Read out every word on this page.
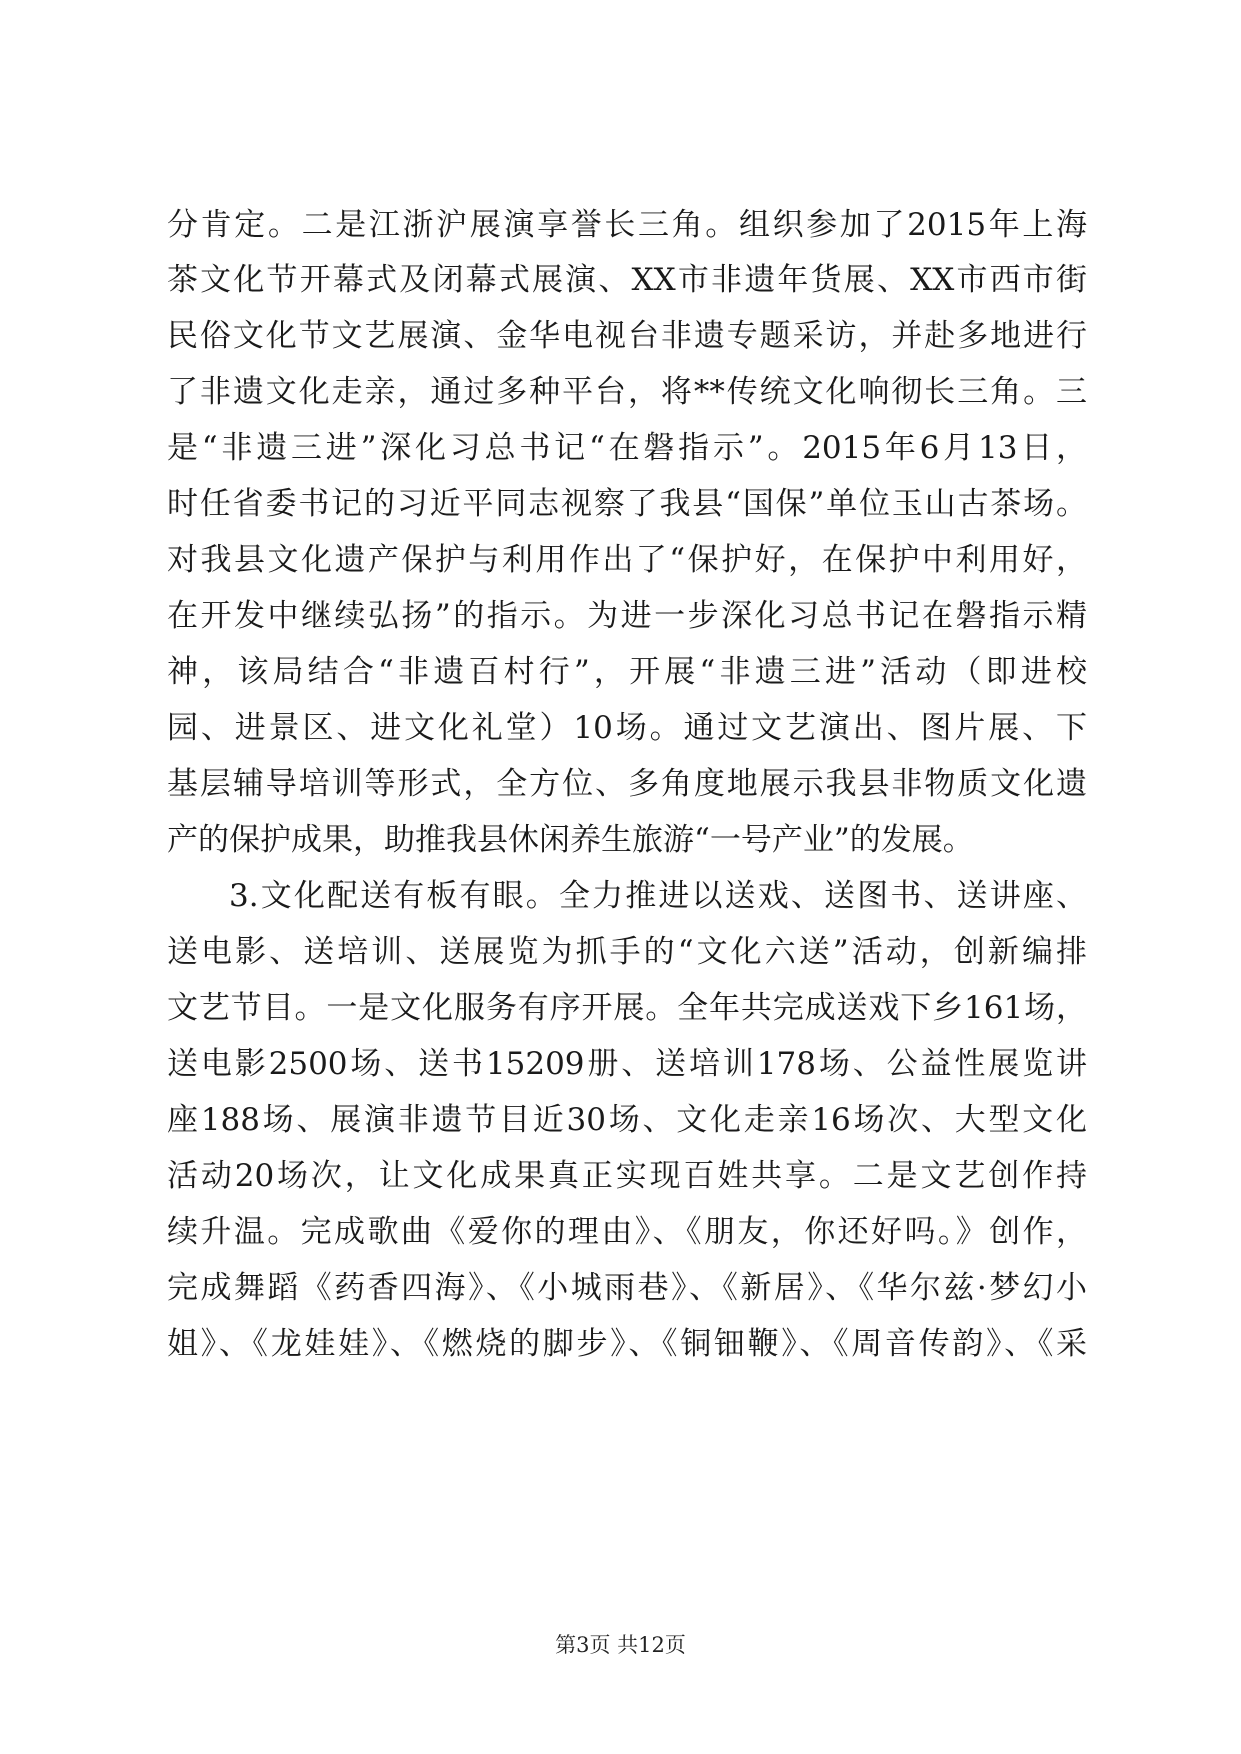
分肯定。二是江浙沪展演享誉长三角。组织参加了2015年上海
茶文化节开幕式及闭幕式展演、XX市非遗年货展、XX市西市街
民俗文化节文艺展演、金华电视台非遗专题采访，并赴多地进行
了非遗文化走亲，通过多种平台，将**传统文化响彻长三角。三
是“非遗三进”深化习总书记“在磐指示”。2015年6月13日，
时任省委书记的习近平同志视察了我县“国保”单位玉山古茶场。
对我县文化遗产保护与利用作出了“保护好，在保护中利用好，
在开发中继续弘扬”的指示。为进一步深化习总书记在磐指示精
神，该局结合“非遗百村行”，开展“非遗三进”活动（即进校
园、进景区、进文化礼堂）10场。通过文艺演出、图片展、下
基层辅导培训等形式，全方位、多角度地展示我县非物质文化遗
产的保护成果，助推我县休闲养生旅游“一号产业”的发展。
3.文化配送有板有眼。全力推进以送戏、送图书、送讲座、
送电影、送培训、送展览为抓手的“文化六送”活动，创新编排
文艺节目。一是文化服务有序开展。全年共完成送戏下乡161场，
送电影2500场、送书15209册、送培训178场、公益性展览讲
座188场、展演非遗节目近30场、文化走亲16场次、大型文化
活动20场次，让文化成果真正实现百姓共享。二是文艺创作持
续升温。完成歌曲《爱你的理由》、《朋友，你还好吗。》创作，
完成舞蹈《药香四海》、《小城雨巷》、《新居》、《华尔兹·梦幻小
姐》、《龙娃娃》、《燃烧的脚步》、《铜钿鞭》、《周音传韵》、《采
第3页 共12页
